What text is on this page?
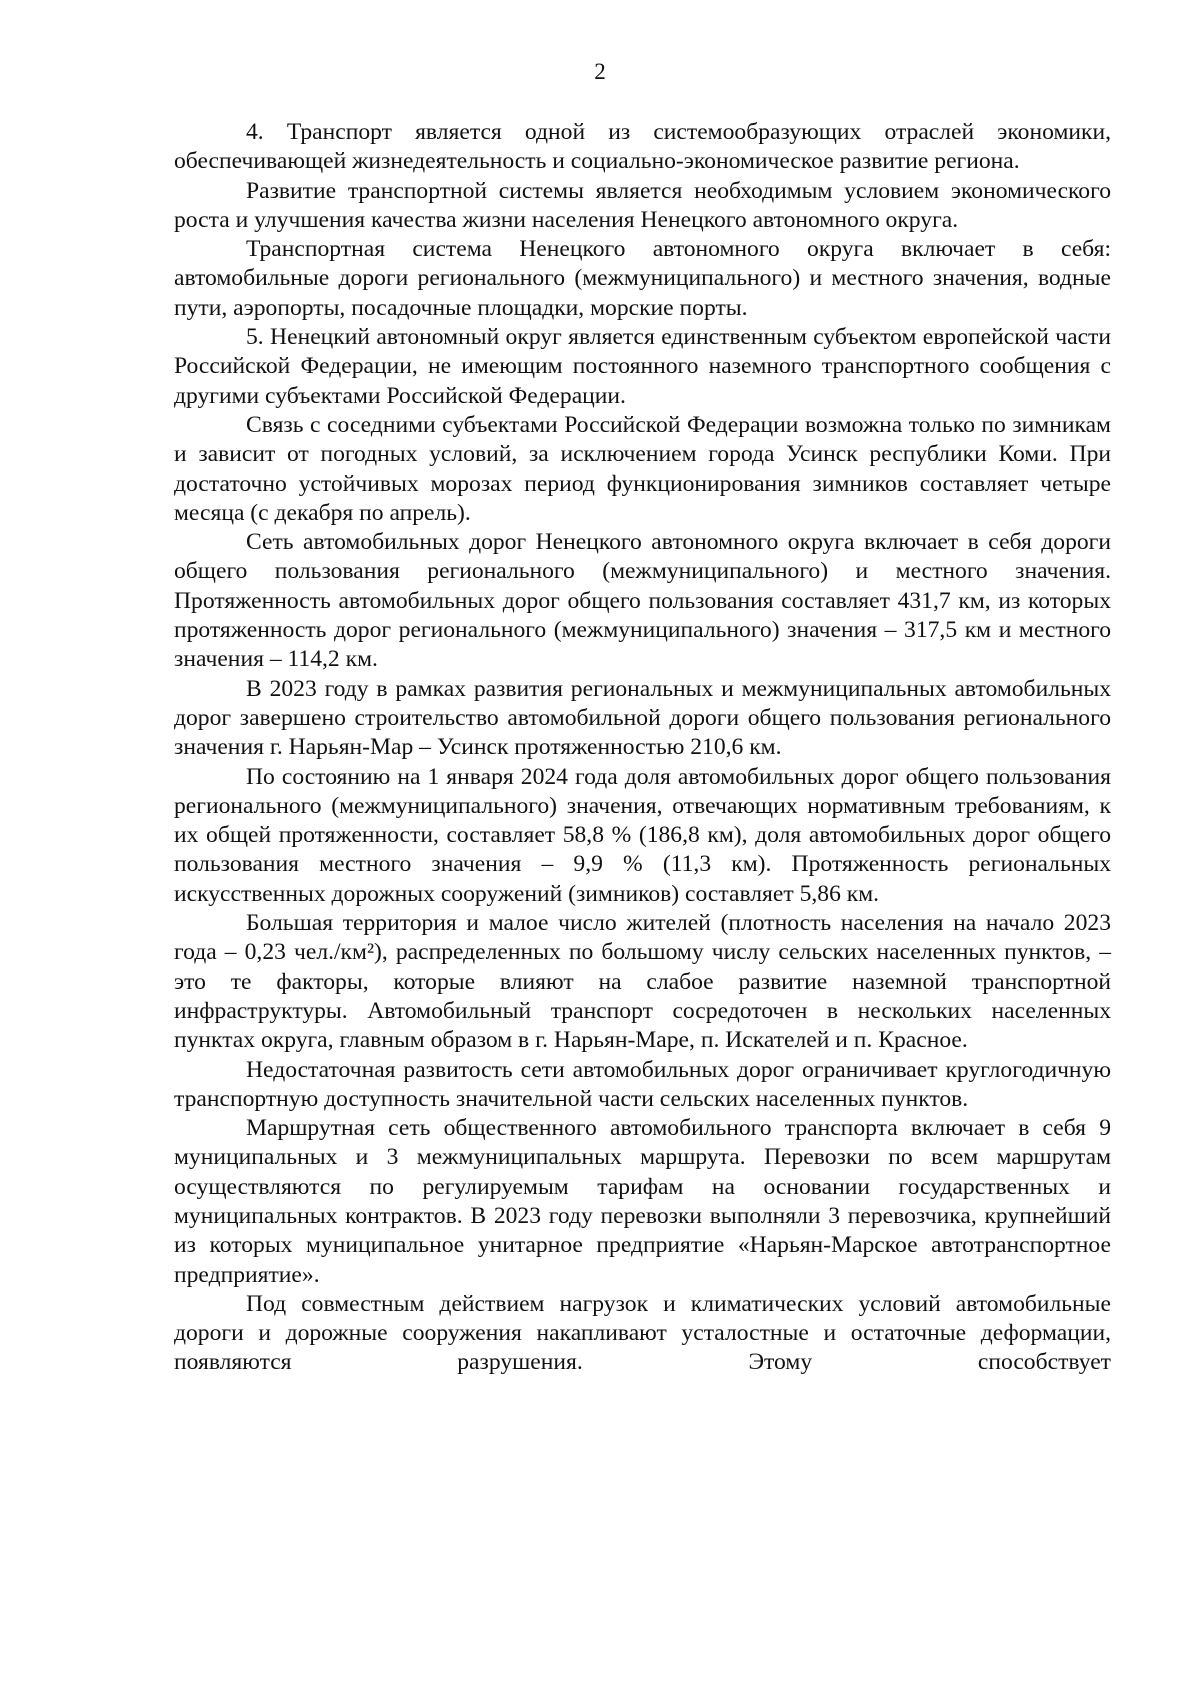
2

4. Транспорт является одной из системообразующих отраслей экономики, обеспечивающей жизнедеятельность и социально-экономическое развитие региона.

Развитие транспортной системы является необходимым условием экономического роста и улучшения качества жизни населения Ненецкого автономного округа.

Транспортная система Ненецкого автономного округа включает в себя: автомобильные дороги регионального (межмуниципального) и местного значения, водные пути, аэропорты, посадочные площадки, морские порты.

5. Ненецкий автономный округ является единственным субъектом европейской части Российской Федерации, не имеющим постоянного наземного транспортного сообщения с другими субъектами Российской Федерации.

Связь с соседними субъектами Российской Федерации возможна только по зимникам и зависит от погодных условий, за исключением города Усинск республики Коми. При достаточно устойчивых морозах период функционирования зимников составляет четыре месяца (с декабря по апрель).

Сеть автомобильных дорог Ненецкого автономного округа включает в себя дороги общего пользования регионального (межмуниципального) и местного значения. Протяженность автомобильных дорог общего пользования составляет 431,7 км, из которых протяженность дорог регионального (межмуниципального) значения – 317,5 км и местного значения – 114,2 км.

В 2023 году в рамках развития региональных и межмуниципальных автомобильных дорог завершено строительство автомобильной дороги общего пользования регионального значения г. Нарьян-Мар – Усинск протяженностью 210,6 км.

По состоянию на 1 января 2024 года доля автомобильных дорог общего пользования регионального (межмуниципального) значения, отвечающих нормативным требованиям, к их общей протяженности, составляет 58,8 % (186,8 км), доля автомобильных дорог общего пользования местного значения – 9,9 % (11,3 км). Протяженность региональных искусственных дорожных сооружений (зимников) составляет 5,86 км.

Большая территория и малое число жителей (плотность населения на начало 2023 года – 0,23 чел./км²), распределенных по большому числу сельских населенных пунктов, – это те факторы, которые влияют на слабое развитие наземной транспортной инфраструктуры. Автомобильный транспорт сосредоточен в нескольких населенных пунктах округа, главным образом в г. Нарьян-Маре, п. Искателей и п. Красное.

Недостаточная развитость сети автомобильных дорог ограничивает круглогодичную транспортную доступность значительной части сельских населенных пунктов.

Маршрутная сеть общественного автомобильного транспорта включает в себя 9 муниципальных и 3 межмуниципальных маршрута. Перевозки по всем маршрутам осуществляются по регулируемым тарифам на основании государственных и муниципальных контрактов. В 2023 году перевозки выполняли 3 перевозчика, крупнейший из которых муниципальное унитарное предприятие «Нарьян-Марское автотранспортное предприятие».

Под совместным действием нагрузок и климатических условий автомобильные дороги и дорожные сооружения накапливают усталостные и остаточные деформации, появляются разрушения. Этому способствует
